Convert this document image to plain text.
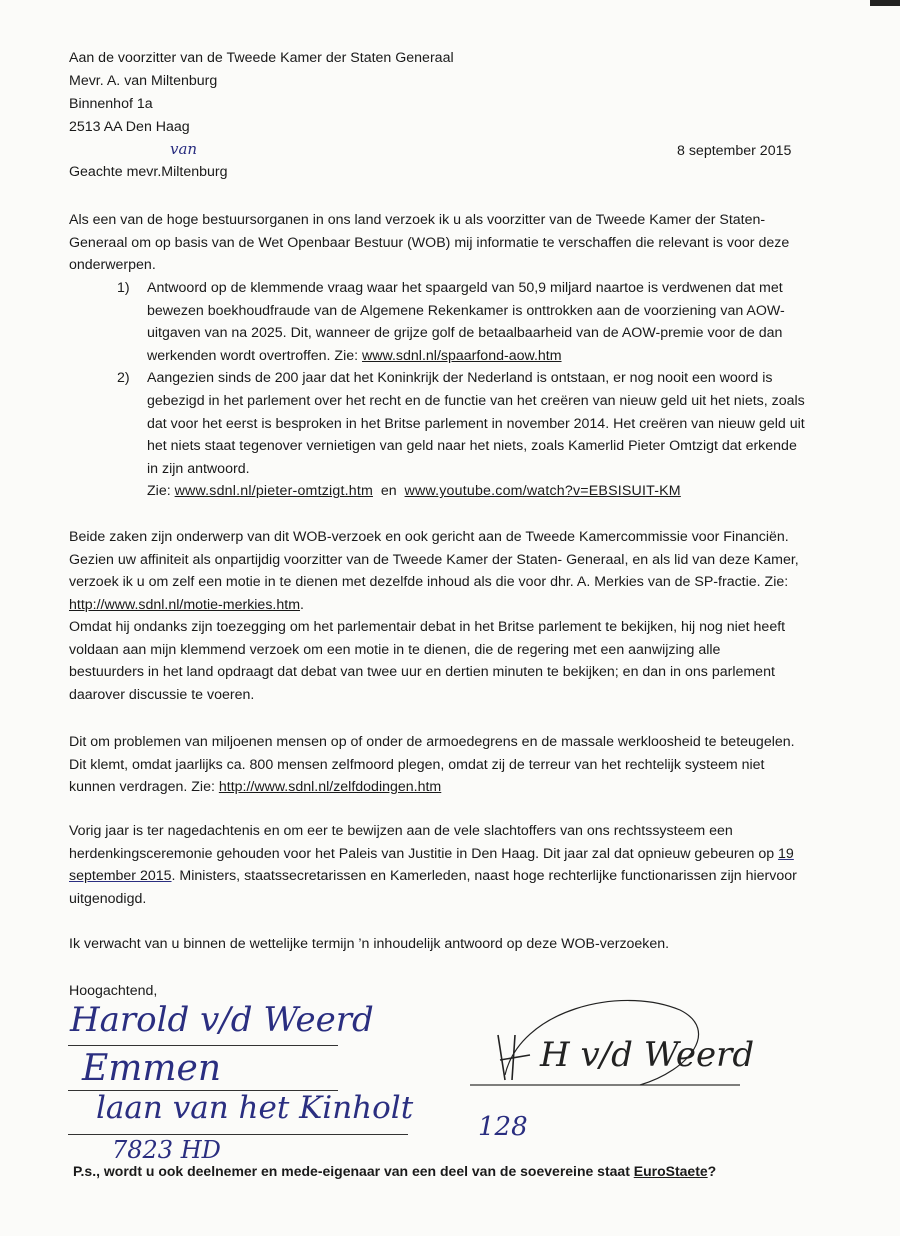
Aan de voorzitter van de Tweede Kamer der Staten Generaal
Mevr. A. van Miltenburg
Binnenhof 1a
2513 AA Den Haag
8 september 2015
Geachte mevr.Miltenburg
van

Als een van de hoge bestuursorganen in ons land verzoek ik u als voorzitter van de Tweede Kamer der Staten-Generaal om op basis van de Wet Openbaar Bestuur (WOB) mij informatie te verschaffen die relevant is voor deze onderwerpen.

1) Antwoord op de klemmende vraag waar het spaargeld van 50,9 miljard naartoe is verdwenen dat met bewezen boekhoudfraude van de Algemene Rekenkamer is onttrokken aan de voorziening van AOW-uitgaven van na 2025. Dit, wanneer de grijze golf de betaalbaarheid van de AOW-premie voor de dan werkenden wordt overtroffen. Zie: www.sdnl.nl/spaarfond-aow.htm
2) Aangezien sinds de 200 jaar dat het Koninkrijk der Nederland is ontstaan, er nog nooit een woord is gebezigd in het parlement over het recht en de functie van het creëren van nieuw geld uit het niets, zoals dat voor het eerst is besproken in het Britse parlement in november 2014. Het creëren van nieuw geld uit het niets staat tegenover vernietigen van geld naar het niets, zoals Kamerlid Pieter Omtzigt dat erkende in zijn antwoord.
Zie: www.sdnl.nl/pieter-omtzigt.htm  en  www.youtube.com/watch?v=EBSISUIT-KM

Beide zaken zijn onderwerp van dit WOB-verzoek en ook gericht aan de Tweede Kamercommissie voor Financiën. Gezien uw affiniteit als onpartijdig voorzitter van de Tweede Kamer der Staten- Generaal, en als lid van deze Kamer, verzoek ik u om zelf een motie in te dienen met dezelfde inhoud als die voor dhr. A. Merkies van de SP-fractie. Zie: http://www.sdnl.nl/motie-merkies.htm.

Omdat hij ondanks zijn toezegging om het parlementair debat in het Britse parlement te bekijken, hij nog niet heeft voldaan aan mijn klemmend verzoek om een motie in te dienen, die de regering met een aanwijzing alle bestuurders in het land opdraagt dat debat van twee uur en dertien minuten te bekijken; en dan in ons parlement daarover discussie te voeren.

Dit om problemen van miljoenen mensen op of onder de armoedegrens en de massale werkloosheid te beteugelen. Dit klemt, omdat jaarlijks ca. 800 mensen zelfmoord plegen, omdat zij de terreur van het rechtelijk systeem niet kunnen verdragen. Zie: http://www.sdnl.nl/zelfdodingen.htm

Vorig jaar is ter nagedachtenis en om eer te bewijzen aan de vele slachtoffers van ons rechtssysteem een herdenkingsceremonie gehouden voor het Paleis van Justitie in Den Haag. Dit jaar zal dat opnieuw gebeuren op 19 september 2015. Ministers, staatssecretarissen en Kamerleden, naast hoge rechterlijke functionarissen zijn hiervoor uitgenodigd.

Ik verwacht van u binnen de wettelijke termijn ’n inhoudelijk antwoord op deze WOB-verzoeken.

Hoogachtend,
Harold v/d Weerd
Emmen
laan van het Kinholt
128
7823 HD
H v/d Weerd
P.s., wordt u ook deelnemer en mede-eigenaar van een deel van de soevereine staat EuroStaete?
